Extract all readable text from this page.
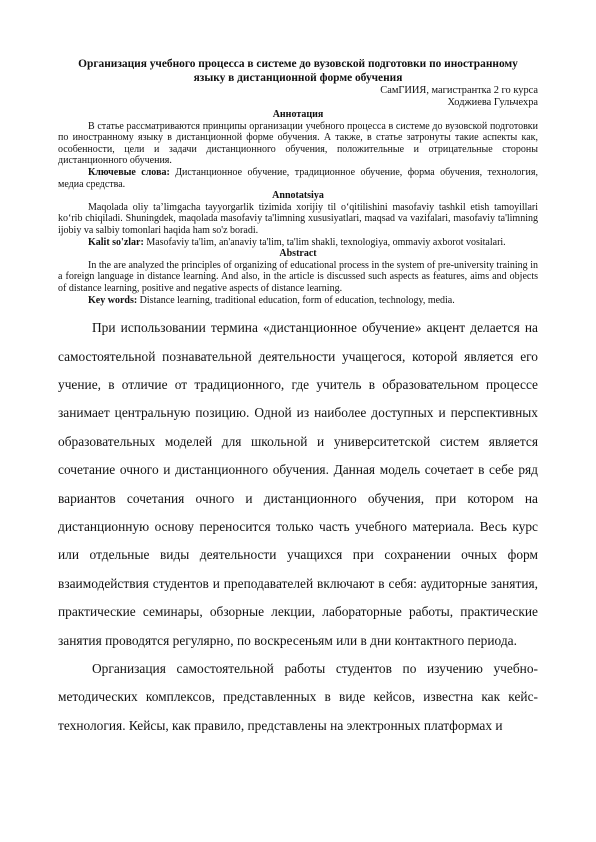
Организация учебного процесса в системе до вузовской подготовки по иностранному языку в дистанционной форме обучения
СамГИИЯ, магистрантка 2 го курса
Ходжиева Гульчехра
Аннотация

В статье рассматриваются принципы организации учебного процесса в системе до вузовской подготовки по иностранному языку в дистанционной форме обучения. А также, в статье затронуты такие аспекты как, особенности, цели и задачи дистанционного обучения, положительные и отрицательные стороны дистанционного обучения.

Ключевые слова: Дистанционное обучение, традиционное обучение, форма обучения, технология, медиа средства.

Annotatsiya

Maqolada oliy ta’limgacha tayyorgarlik tizimida xorijiy til o‘qitilishini masofaviy tashkil etish tamoyillari ko‘rib chiqiladi. Shuningdek, maqolada masofaviy ta'limning xususiyatlari, maqsad va vazifalari, masofaviy ta'limning ijobiy va salbiy tomonlari haqida ham so'z boradi.

Kalit so'zlar: Masofaviy ta'lim, an'anaviy ta'lim, ta'lim shakli, texnologiya, ommaviy axborot vositalari.

Abstract

In the are analyzed the principles of organizing of educational process in the system of pre-university training in a foreign language in distance learning. And also, in the article is discussed such aspects as features, aims and objects of distance learning, positive and negative aspects of distance learning.

Key words: Distance learning, traditional education, form of education, technology, media.

При использовании термина «дистанционное обучение» акцент делается на самостоятельной познавательной деятельности учащегося, которой является его учение, в отличие от традиционного, где учитель в образовательном процессе занимает центральную позицию. Одной из наиболее доступных и перспективных образовательных моделей для школьной и университетской систем является сочетание очного и дистанционного обучения. Данная модель сочетает в себе ряд вариантов сочетания очного и дистанционного обучения, при котором на дистанционную основу переносится только часть учебного материала. Весь курс или отдельные виды деятельности учащихся при сохранении очных форм взаимодействия студентов и преподавателей включают в себя: аудиторные занятия, практические семинары, обзорные лекции, лабораторные работы, практические занятия проводятся регулярно, по воскресеньям или в дни контактного периода.

Организация самостоятельной работы студентов по изучению учебно-методических комплексов, представленных в виде кейсов, известна как кейс-технология. Кейсы, как правило, представлены на электронных платформах и
